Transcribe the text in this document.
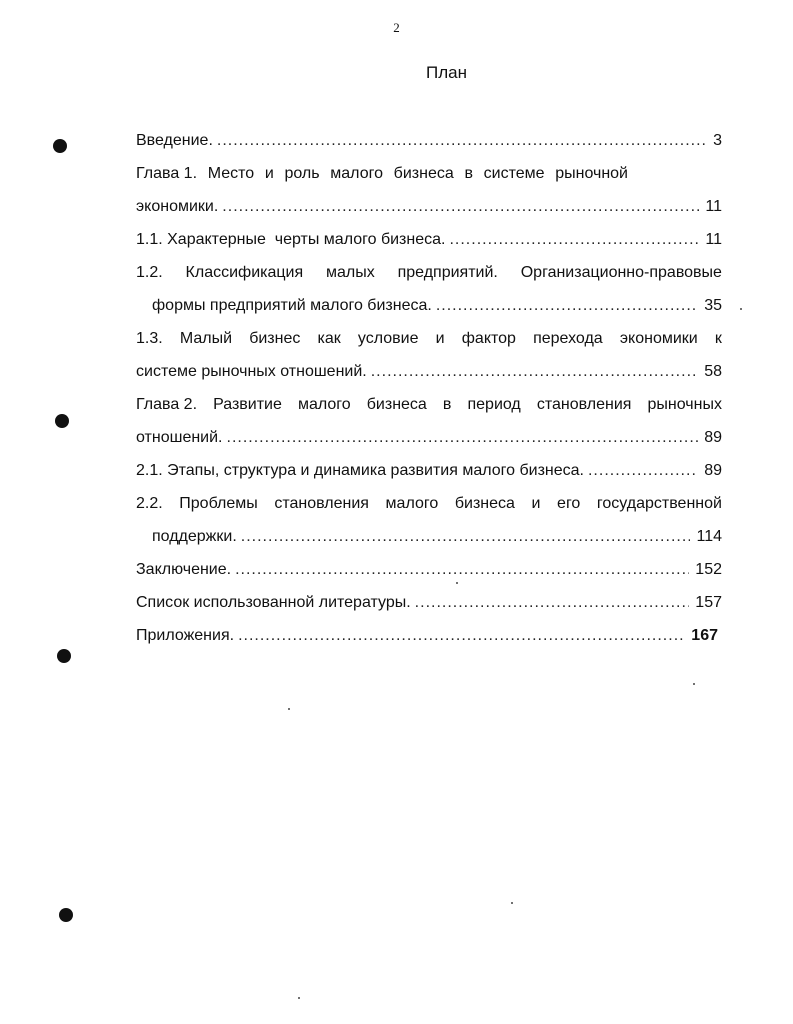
2
План
Введение. .....	3
Глава 1. Место и роль малого бизнеса в системе рыночной
экономики. .....	11
1.1. Характерные  черты малого бизнеса. .....	11
1.2. Классификация малых предприятий. Организационно-правовые
формы предприятий малого бизнеса. .....	35
1.3. Малый бизнес как условие и фактор перехода экономики к
системе рыночных отношений. .....	58
Глава 2. Развитие малого бизнеса в период становления рыночных
отношений. .....	89
2.1. Этапы, структура и динамика развития малого бизнеса. .....	89
2.2. Проблемы становления малого бизнеса и его государственной
поддержки. .....	114
Заключение. .....	152
Список использованной литературы. .....	157
Приложения. .....	167
